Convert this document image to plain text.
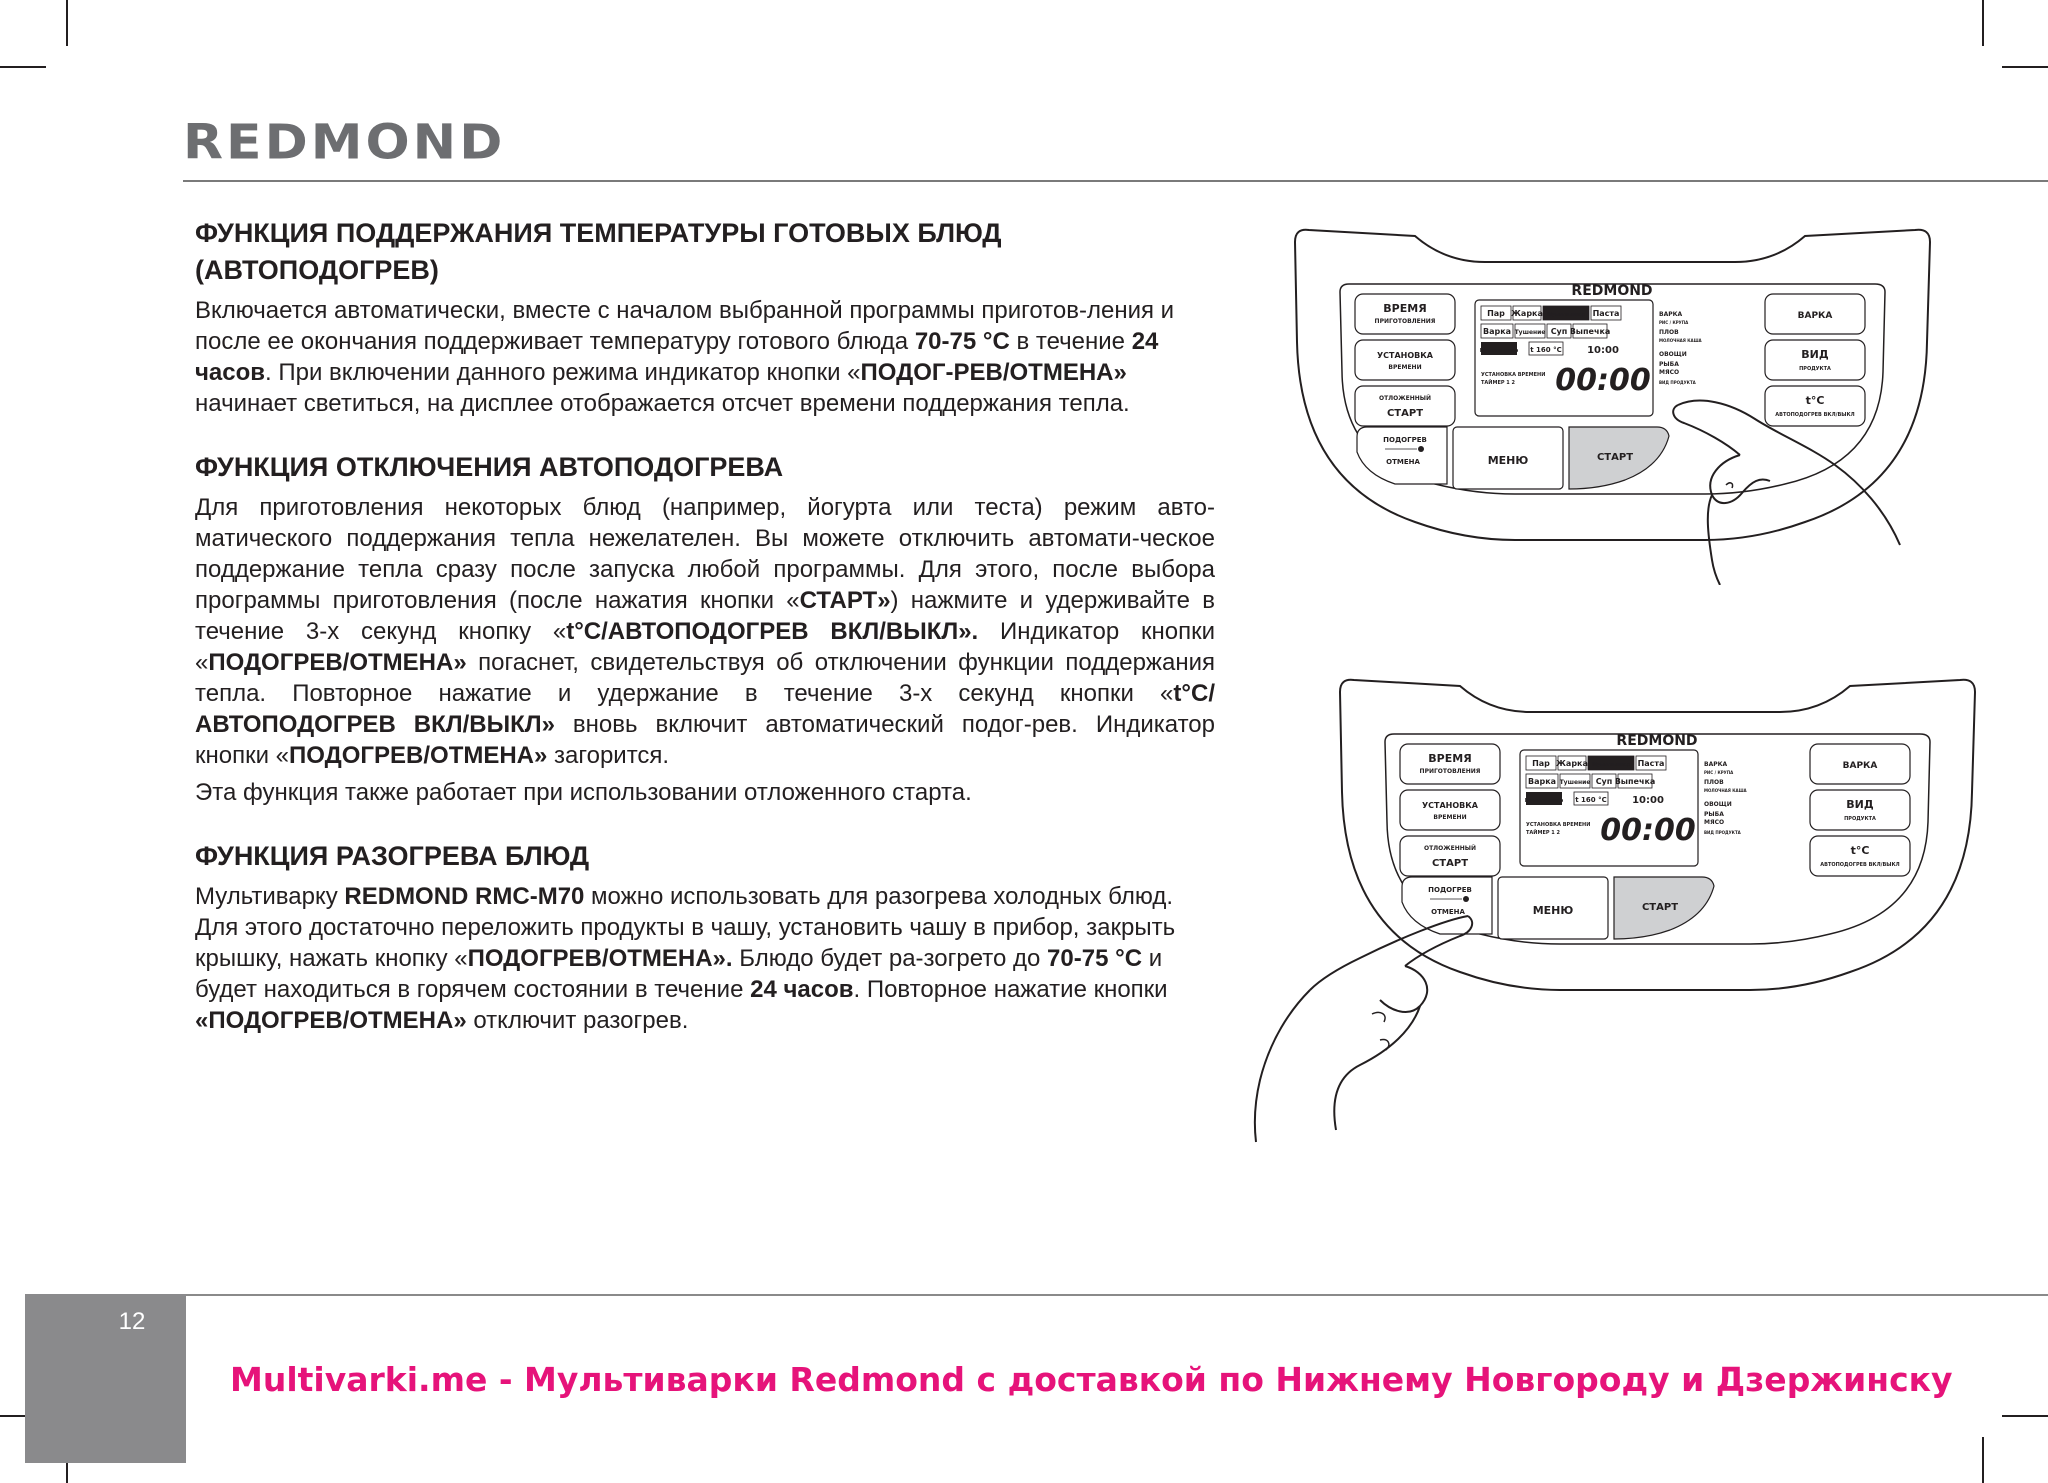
REDMOND
ФУНКЦИЯ ПОДДЕРЖАНИЯ ТЕМПЕРАТУРЫ ГОТОВЫХ БЛЮД
(АВТОПОДОГРЕВ)

Включается автоматически, вместе с началом выбранной программы приготов-ления и после ее окончания поддерживает температуру готового блюда 70-75 °C в течение 24 часов. При включении данного режима индикатор кнопки «ПОДОГ-РЕВ/ОТМЕНА» начинает светиться, на дисплее отображается отсчет времени поддержания тепла.

ФУНКЦИЯ ОТКЛЮЧЕНИЯ АВТОПОДОГРЕВА

Для приготовления некоторых блюд (например, йогурта или теста) режим авто-матического поддержания тепла нежелателен. Вы можете отключить автомати-ческое поддержание тепла сразу после запуска любой программы. Для этого, после выбора программы приготовления (после нажатия кнопки «СТАРТ») нажмите и удерживайте в течение 3-х секунд кнопку «t°C/АВТОПОДОГРЕВ ВКЛ/ВЫКЛ». Индикатор кнопки «ПОДОГРЕВ/ОТМЕНА» погаснет, свидетельствуя об отключении функции поддержания тепла. Повторное нажатие и удержание в течение 3-х секунд кнопки «t°C/АВТОПОДОГРЕВ ВКЛ/ВЫКЛ» вновь включит автоматический подог-рев. Индикатор кнопки «ПОДОГРЕВ/ОТМЕНА» загорится.

Эта функция также работает при использовании отложенного старта.

ФУНКЦИЯ РАЗОГРЕВА БЛЮД

Мультиварку REDMOND RMC-M70 можно использовать для разогрева холодных блюд. Для этого достаточно переложить продукты в чашу, установить чашу в прибор, закрыть крышку, нажать кнопку «ПОДОГРЕВ/ОТМЕНА». Блюдо будет ра-зогрето до 70-75 °C и будет находиться в горячем состоянии в течение 24 часов. Повторное нажатие кнопки «ПОДОГРЕВ/ОТМЕНА» отключит разогрев.

REDMOND
ВРЕМЯ
ПРИГОТОВЛЕНИЯ
УСТАНОВКА
ВРЕМЕНИ
ОТЛОЖЕННЫЙ
СТАРТ
ВАРКА
ВИД
ПРОДУКТА
t°C
АВТОПОДОГРЕВ ВКЛ/ВЫКЛ
Пар Жарка Мультиповар Паста
Варка Тушение Суп Выпечка
Мультиповар t 160 °C	10:00
УСТАНОВКА ВРЕМЕНИ
ТАЙМЕР 1 2 00:00
ВАРКА
РИС / КРУПА
ПЛОВ
МОЛОЧНАЯ КАША
ОВОЩИ
РЫБА
МЯСО
ВИД ПРОДУКТА
ПОДОГРЕВ
ОТМЕНА	МЕНЮ	СТАРТ
REDMOND
ВРЕМЯ
ПРИГОТОВЛЕНИЯ
УСТАНОВКА
ВРЕМЕНИ
ОТЛОЖЕННЫЙ
СТАРТ
ВАРКА
ВИД
ПРОДУКТА
t°C
АВТОПОДОГРЕВ ВКЛ/ВЫКЛ
Пар Жарка Мультиповар Паста
Варка Тушение Суп Выпечка
Мультиповар t 160 °C	10:00
УСТАНОВКА ВРЕМЕНИ
ТАЙМЕР 1 2 00:00
ВАРКА
РИС / КРУПА
ПЛОВ
МОЛОЧНАЯ КАША
ОВОЩИ
РЫБА
МЯСО
ВИД ПРОДУКТА
ПОДОГРЕВ
ОТМЕНА	МЕНЮ	СТАРТ
12
Multivarki.me - Мультиварки Redmond с доставкой по Нижнему Новгороду и Дзержинску
